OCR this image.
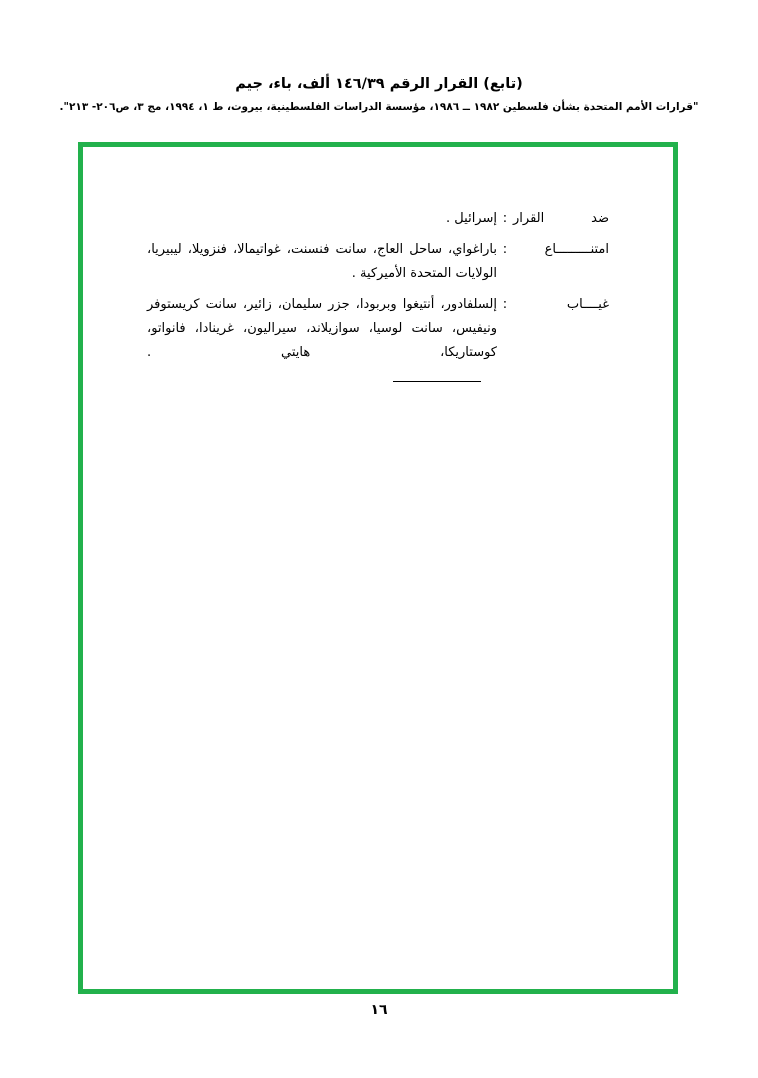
(تابع) القرار الرقم ١٤٦/٣٩ ألف، باء، جيم
"قرارات الأمم المتحدة بشأن فلسطين ١٩٨٢ ــ ١٩٨٦، مؤسسة الدراسات الفلسطينية، بيروت، ط ١، ١٩٩٤، مج ٣، ص٢٠٦- ٢١٣".
ضد القرار
:
إسرائيل .
امتنـــــــــاع
:
باراغواي، ساحل العاج، سانت فنسنت، غواتيمالا، فنزويلا، ليبيريا، الولايات المتحدة الأميركية .
غيــــاب
:
إلسلفادور، أنتيغوا وبربودا، جزر سليمان، زائير، سانت كريستوفر ونيفيس، سانت لوسيا، سوازيلاند، سيراليون، غرينادا، فانواتو، كوستاريكا، هايتي .
١٦
